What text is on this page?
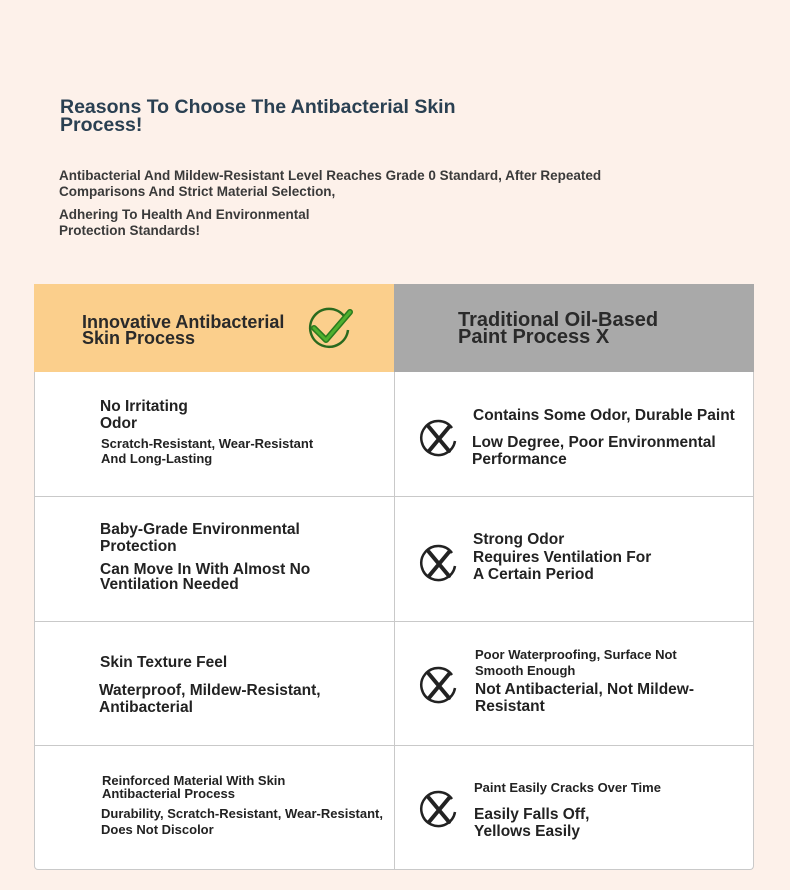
Reasons To Choose The Antibacterial Skin Process!
Antibacterial And Mildew-Resistant Level Reaches Grade 0 Standard, After Repeated Comparisons And Strict Material Selection,
Adhering To Health And Environmental Protection Standards!
Innovative Antibacterial Skin Process
Traditional Oil-Based Paint Process X
No Irritating Odor
Scratch-Resistant, Wear-Resistant And Long-Lasting
Contains Some Odor, Durable Paint
Low Degree, Poor Environmental Performance
Baby-Grade Environmental Protection
Can Move In With Almost No Ventilation Needed
Strong Odor
Requires Ventilation For A Certain Period
Skin Texture Feel
Waterproof, Mildew-Resistant, Antibacterial
Poor Waterproofing, Surface Not Smooth Enough
Not Antibacterial, Not Mildew-Resistant
Reinforced Material With Skin Antibacterial Process
Durability, Scratch-Resistant, Wear-Resistant, Does Not Discolor
Paint Easily Cracks Over Time
Easily Falls Off, Yellows Easily
